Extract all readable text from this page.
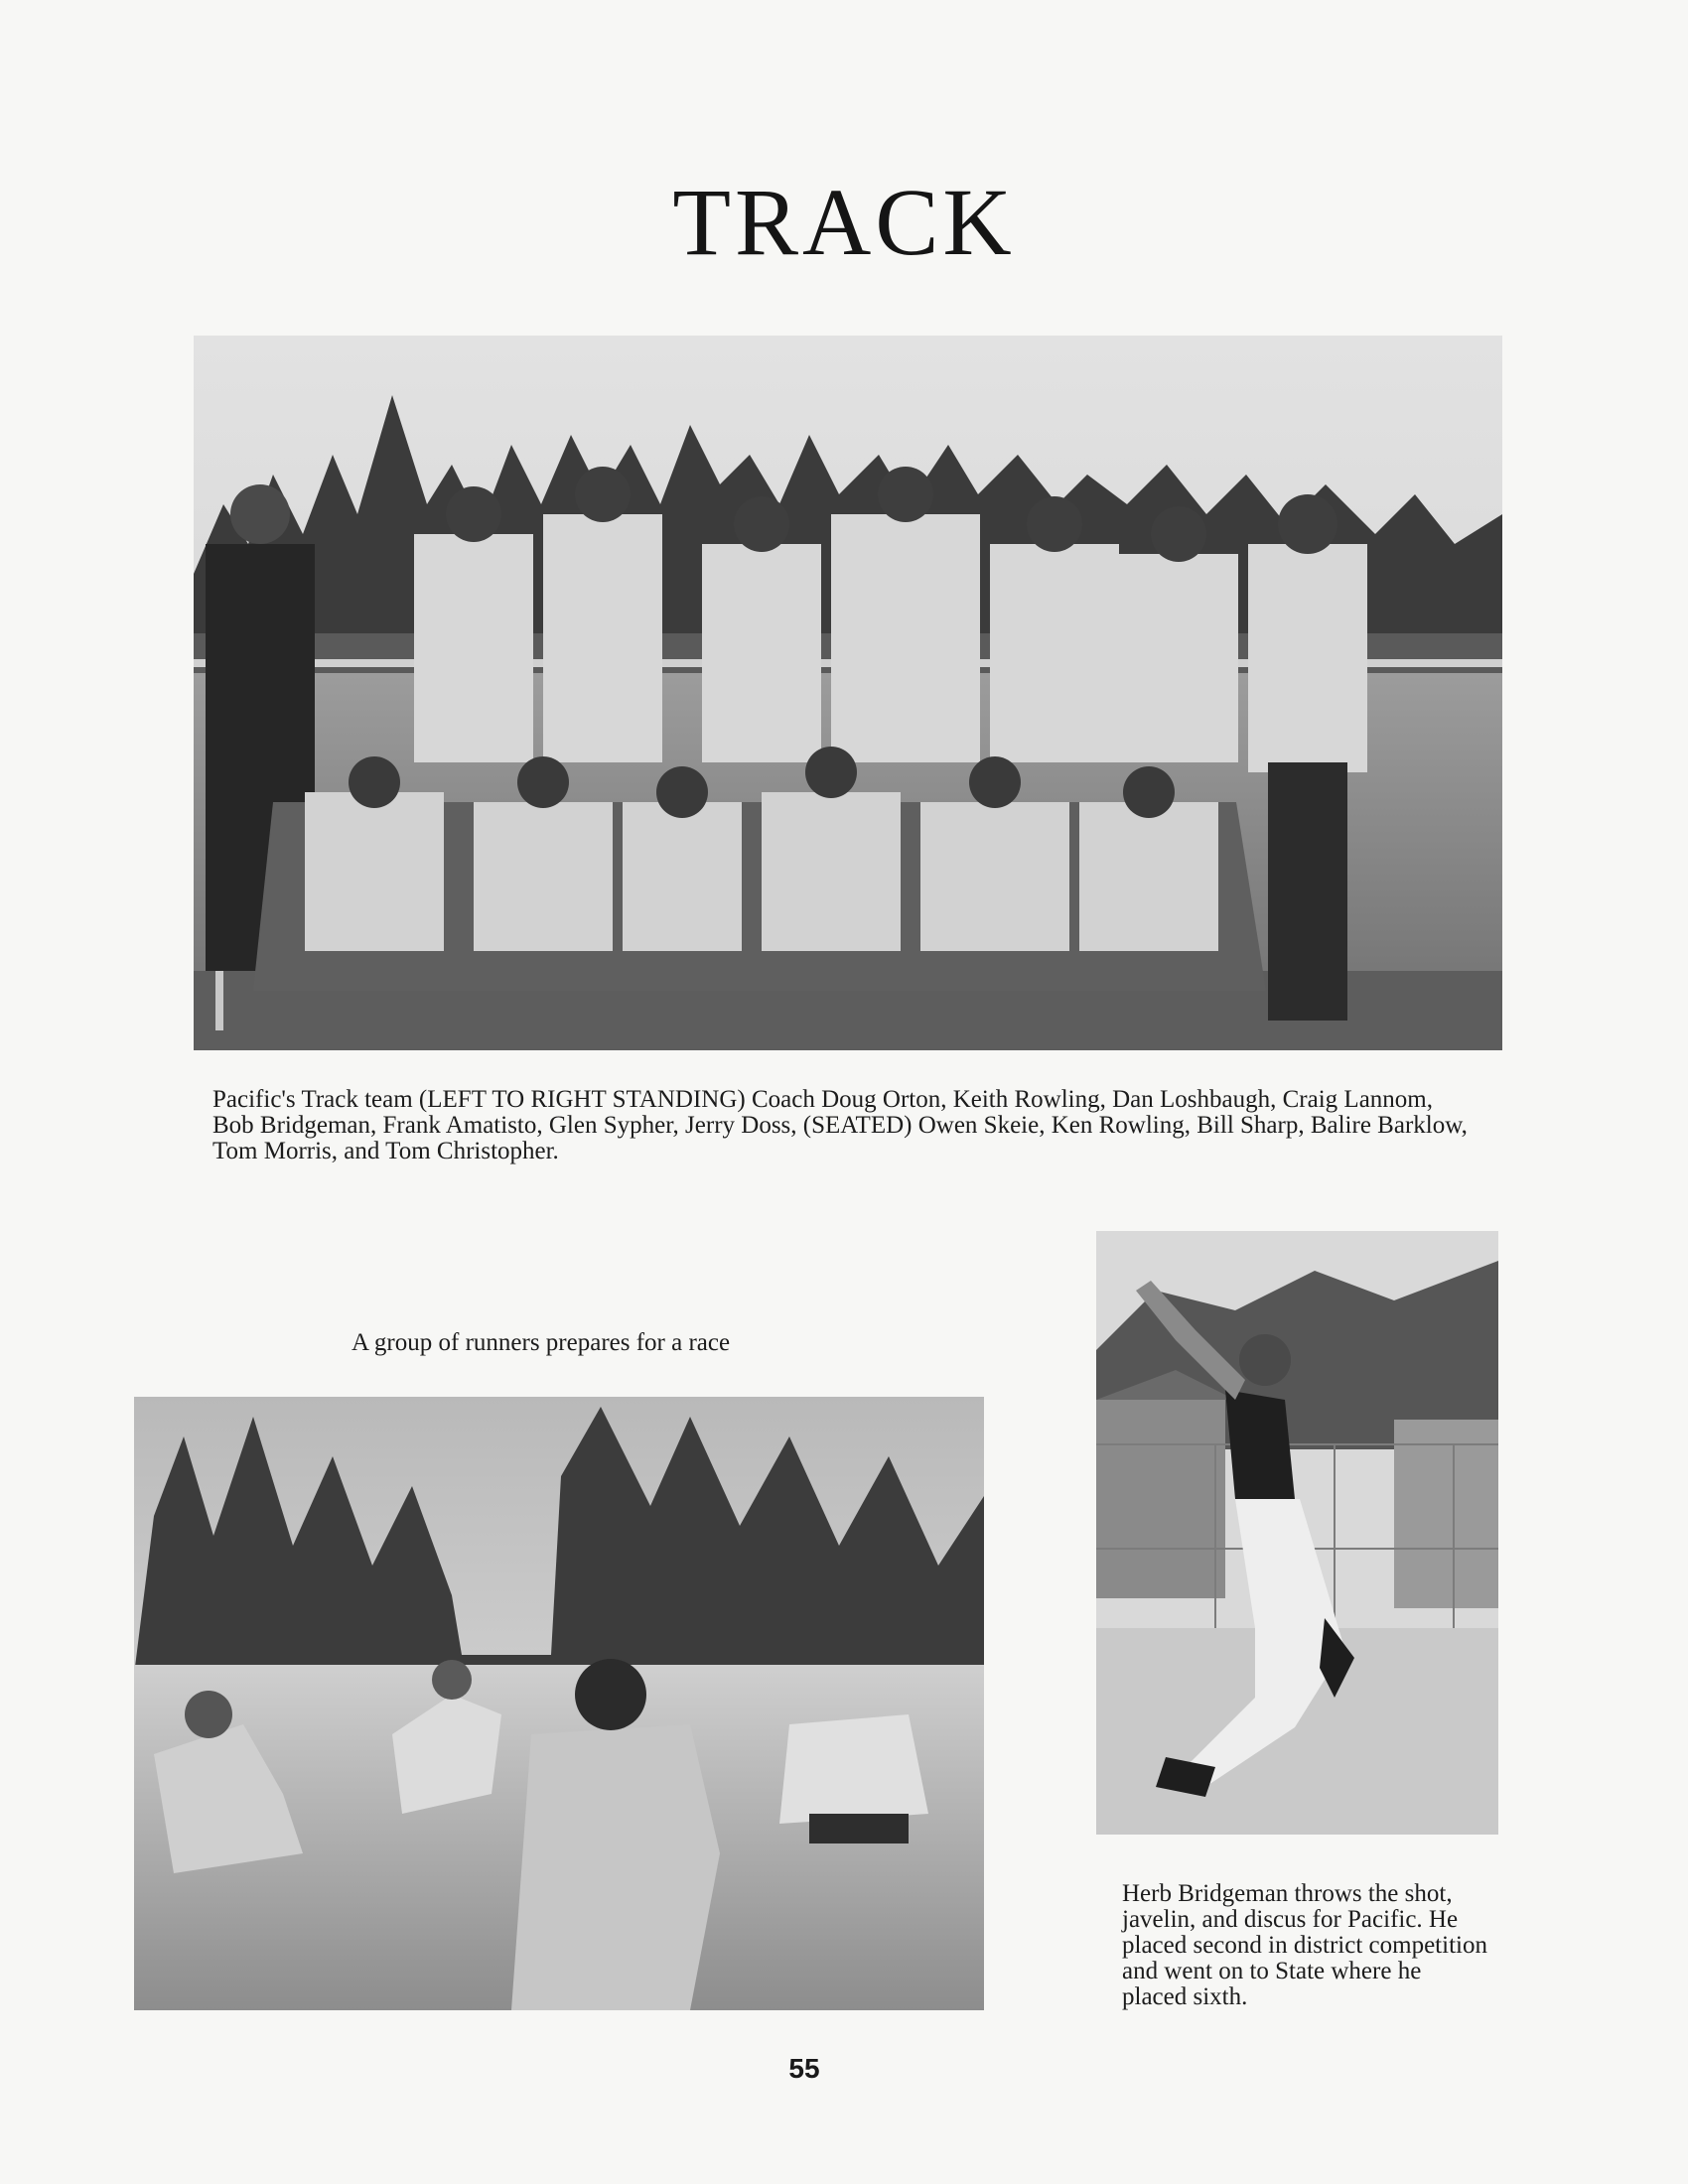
TRACK

Pacific's Track team (LEFT TO RIGHT STANDING) Coach Doug Orton, Keith Rowling, Dan Loshbaugh, Craig Lannom, Bob Bridgeman, Frank Amatisto, Glen Sypher, Jerry Doss, (SEATED) Owen Skeie, Ken Rowling, Bill Sharp, Balire Barklow, Tom Morris, and Tom Christopher.

A group of runners prepares for a race

Herb Bridgeman throws the shot, javelin, and discus for Pacific. He placed second in district competition and went on to State where he placed sixth.

55
